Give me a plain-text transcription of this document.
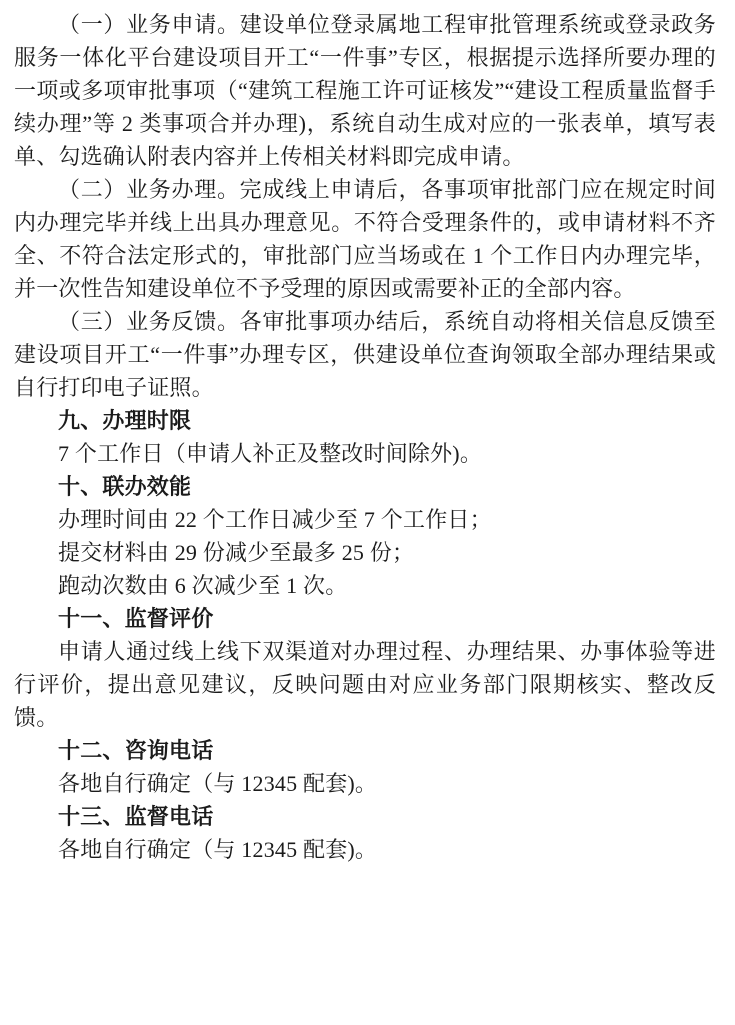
（一）业务申请。建设单位登录属地工程审批管理系统或登录政务服务一体化平台建设项目开工“一件事”专区，根据提示选择所要办理的一项或多项审批事项（“建筑工程施工许可证核发”“建设工程质量监督手续办理”等 2 类事项合并办理)，系统自动生成对应的一张表单，填写表单、勾选确认附表内容并上传相关材料即完成申请。

（二）业务办理。完成线上申请后，各事项审批部门应在规定时间内办理完毕并线上出具办理意见。不符合受理条件的，或申请材料不齐全、不符合法定形式的，审批部门应当场或在 1 个工作日内办理完毕，并一次性告知建设单位不予受理的原因或需要补正的全部内容。

（三）业务反馈。各审批事项办结后，系统自动将相关信息反馈至建设项目开工“一件事”办理专区，供建设单位查询领取全部办理结果或自行打印电子证照。

九、办理时限

7 个工作日（申请人补正及整改时间除外)。

十、联办效能

办理时间由 22 个工作日减少至 7 个工作日；

提交材料由 29 份减少至最多 25 份；

跑动次数由 6 次减少至 1 次。

十一、监督评价

申请人通过线上线下双渠道对办理过程、办理结果、办事体验等进行评价，提出意见建议，反映问题由对应业务部门限期核实、整改反馈。

十二、咨询电话

各地自行确定（与 12345 配套)。

十三、监督电话

各地自行确定（与 12345 配套)。
